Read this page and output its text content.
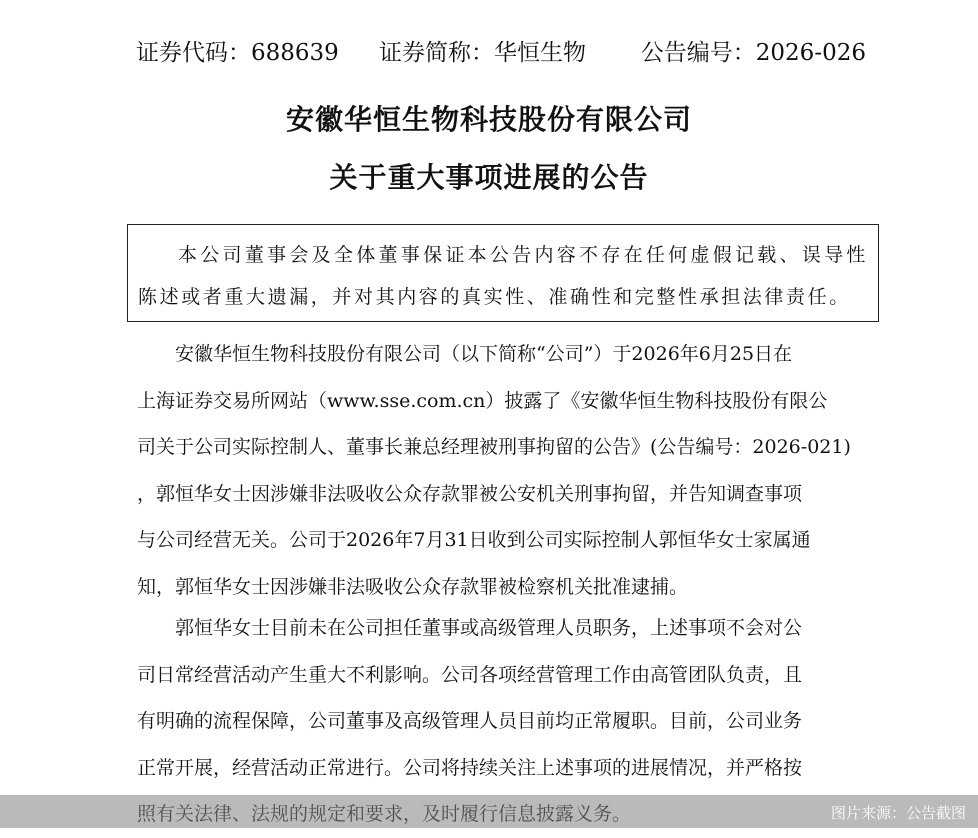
证券代码：688639 证券简称：华恒生物 公告编号：2026-026
安徽华恒生物科技股份有限公司
关于重大事项进展的公告
本公司董事会及全体董事保证本公告内容不存在任何虚假记载、误导性陈述或者重大遗漏，并对其内容的真实性、准确性和完整性承担法律责任。
　　安徽华恒生物科技股份有限公司（以下简称“公司”）于2026年6月25日在
上海证券交易所网站（www.sse.com.cn）披露了《安徽华恒生物科技股份有限公
司关于公司实际控制人、董事长兼总经理被刑事拘留的公告》(公告编号：2026-021)
，郭恒华女士因涉嫌非法吸收公众存款罪被公安机关刑事拘留，并告知调查事项
与公司经营无关。公司于2026年7月31日收到公司实际控制人郭恒华女士家属通
知，郭恒华女士因涉嫌非法吸收公众存款罪被检察机关批准逮捕。
　　郭恒华女士目前未在公司担任董事或高级管理人员职务，上述事项不会对公
司日常经营活动产生重大不利影响。公司各项经营管理工作由高管团队负责，且
有明确的流程保障，公司董事及高级管理人员目前均正常履职。目前，公司业务
正常开展，经营活动正常进行。公司将持续关注上述事项的进展情况，并严格按
图片来源：公告截图
